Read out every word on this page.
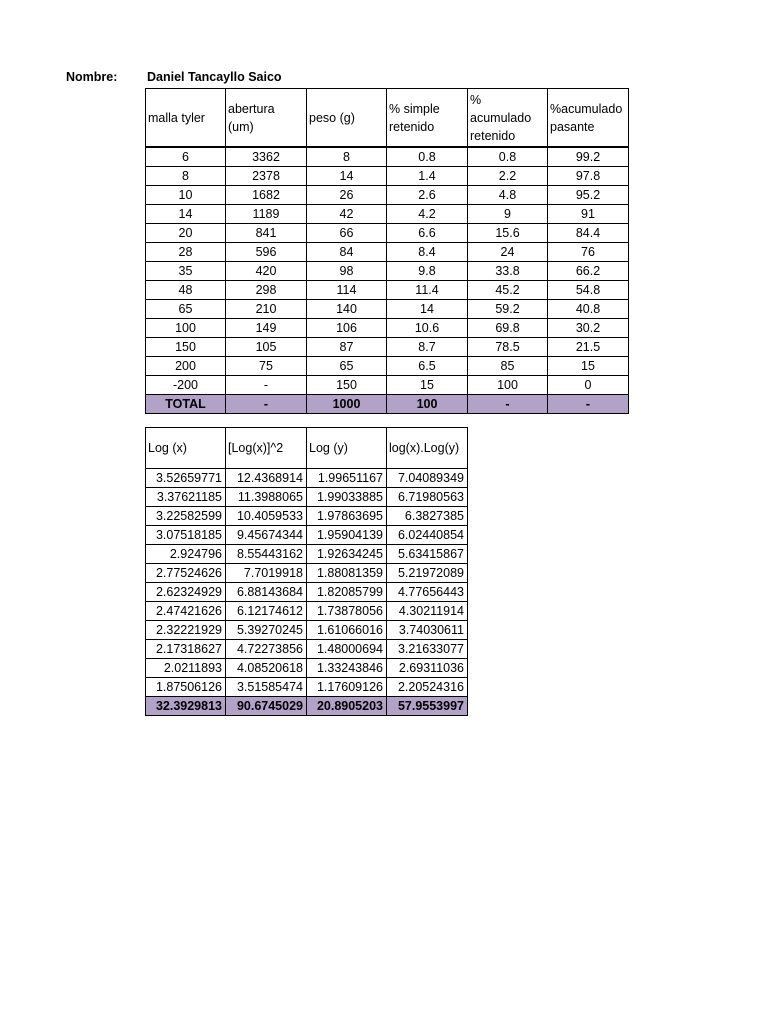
Nombre: Daniel Tancayllo Saico
malla tyler	abertura (um)	peso (g)	% simple retenido	% acumulado retenido	%acumulado pasante

6	3362	8	0.8	0.8	99.2
8	2378	14	1.4	2.2	97.8
10	1682	26	2.6	4.8	95.2
14	1189	42	4.2	9	91
20	841	66	6.6	15.6	84.4
28	596	84	8.4	24	76
35	420	98	9.8	33.8	66.2
48	298	114	11.4	45.2	54.8
65	210	140	14	59.2	40.8
100	149	106	10.6	69.8	30.2
150	105	87	8.7	78.5	21.5
200	75	65	6.5	85	15
-200	-	150	15	100	0
TOTAL	-	1000	100	-	-
Log (x)	[Log(x)]^2	Log (y)	log(x).Log(y)
3.52659771	12.4368914	1.99651167	7.04089349
3.37621185	11.3988065	1.99033885	6.71980563
3.22582599	10.4059533	1.97863695	6.3827385
3.07518185	9.45674344	1.95904139	6.02440854
2.924796	8.55443162	1.92634245	5.63415867
2.77524626	7.7019918	1.88081359	5.21972089
2.62324929	6.88143684	1.82085799	4.77656443
2.47421626	6.12174612	1.73878056	4.30211914
2.32221929	5.39270245	1.61066016	3.74030611
2.17318627	4.72273856	1.48000694	3.21633077
2.0211893	4.08520618	1.33243846	2.69311036
1.87506126	3.51585474	1.17609126	2.20524316
32.3929813	90.6745029	20.8905203	57.9553997
